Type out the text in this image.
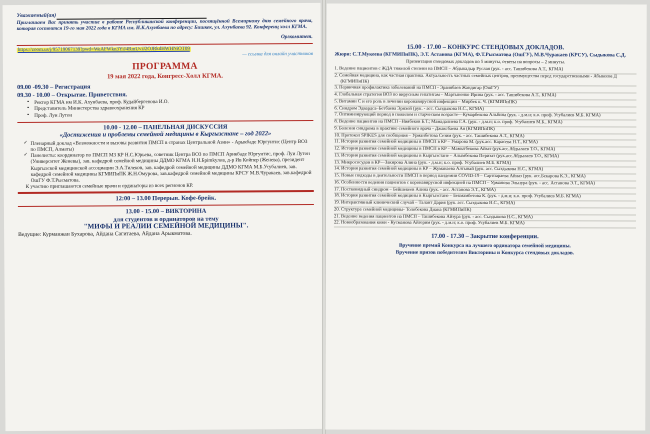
Уважаемый(ая)
Приглашаем Вас принять участие в работе Республиканской конференции, посвящённой Всемирному дню семейного врача, которая состоится 19-го мая 2022 года в КГМА им. И.К.Ахунбаева по адресу: Бишкек, ул. Ахунбаева 92. Конференц холл КГМА.
Оргкомитет.
https://zoom.us/j/95719067139?pwd=WeAFWkn3YiJ4RmUviJ2OJRkdHWHNiOT09
— ссылка для онлайн участников
ПРОГРАММА
19 мая 2022 года, Конгресс-Холл КГМА.
09.00 -09.30 – Регистрация
09.30 - 10.00 – Открытие. Приветствия.
▪ Ректор КГМА им И.К. Ахунбаева, проф. Кудайбергенова И.О.
▪ Представитель Министерства здравоохранения КР
▪ Проф. Луи Лутон
10.00 - 12.00 – ПАНЕЛЬНАЯ ДИСКУССИЯ
«Достижения и проблемы семейной медицины в Кыргызстане – год 2022»
✓ Пленарный доклад «Возможности и вызовы развития ПМСП в странах Центральной Азии» - Арыкбаде Юргунтис (Центр ВОЗ по ПМСП, Алматы)
✓ Панелисты: координатор по ПМСП МЗ КР Н.С.Юрьева, советник Центра ВОЗ по ПМСП Арикбаде Юргунтис, проф. Луи Лутон (Университет Женевы), зав. кафедрой семейной медицины ДДМО КГМА Н.Н.Брimkулов, д-р Ив Койпер (Женева), президент Кыргызской медицинской ассоциации Э.А.Тилеков, зав. кафедрой семейной медицины ДДМО КГМА М.Б.Усубалиев, зав. кафедрой семейной медицины КГМИПиПК Ж.Н.Омурова, зав.кафедрой семейной медицины КРСУ М.В.Чуракаев, зав.кафедрой ОшГУ Ф.Т.Рысматова.
К участию приглашаются семейные врачи и ординаторы из всех регионов КР.
12:00 – 13.00 Перерыв. Кофе-брейк.
13.00 - 15.00 – ВИКТОРИНА
для студентов и ординаторов на тему
"МИФЫ И РЕАЛИИ СЕМЕЙНОЙ МЕДИЦИНЫ".
Ведущие: Курманжан Бухарова, Айдана Сагитаева, Айдана Арыкматова.
15.00 - 17.00 – КОНКУРС СТЕНДОВЫХ ДОКЛАДОВ.
Жюри: С.Т.Мукеева (КГМИПиПК), Э.Т. Астанова (КГМА), Ф.Т.Рысматова (ОшГУ), М.В.Чуракаев (КРСУ), Сыдыкова С.Д.
Презентация стендовых докладов по 5 минуты, ответы на вопросы – 2 минуты.
1. Ведение пациентов с ЖДА тяжелой степени на ПМСП – Абдыкадыр Руслан (рук. - асс. Ташибекова А.Т., КГМА)
2. Семейная медицина, как частная практика. Актуальность частных семейных центров, преимущества перед государственными - Абыкеева Д (КГМИПиПК)
3. Первичная профилактика заболеваний на ПМСП - Эраиябаев Жандигар (ОшГУ)
4. Глобальная стратегия ВОЗ по вирусным гепатитам – Мартыненко Ирина (рук. - асс. Ташибекова А.Т., КГМА)
5. Витамин С и его роль в лечении коронавирусной инфекции – Мирбек к. Ч. (КГМИПиПК)
6. Синдром Эдвардса–Бетбаева Эрнхей (рук. - асс. Сыздыкова Н.С., КГМА)
7. Оптимизирующий период в пожилом и старческом возрасте—Кумарбекова Альбина (рук. - д.м.н; к.о. проф. Усубалиев М.Б. КГМА)
8. Ведение пациентов на ПМСП –Ниябеков Б.Т.; Мамадалиева Г.А. (рук. - д.м.н; к.о. проф. Усубалиев М.Б., КГМА)
9. Болезни синдрома в практике семейного врача - Джаксбаева Ая (КГМИПиПК)
10. Протокол SPIKES для сообщения – Урманбетова Сезим (рук. - асс. Ташибекова А.Т., КГМА)
11. История развития семейной медицины в ПМСП в КР – Умарова М. (рук.асс. Карасева Н.Т., КГМА)
12. История развития семейной медицины в ПМСП в КР – Мамытбекова Айзат (рук.асс.Абдылаев Т.О., КГМА)
13. История развития семейной медицины в Кыргызстане – Алымбекова Перизат (рук.асс.Абдылаев Т.О., КГМА)
13. Микрососудов в КР—Закирова Алина (рук. - д.м.н; к.о. проф. Усубалиев М.Б. КГМА)
14. История развития семейной медицины в КР – Жуманаева Алтынай (рук. асс. Сыздыкова Н.С., КГМА)
15. Новые подходы в деятельности ПМСП в период пандемии COVID-19 – Сартпараева Айназ (рук. асс.Бекарова К.Э., КГМА)
16. Особенности ведения пациентов с коронавирусной инфекцией на ПМСП – Урманова Эльнура (рук. - асс. Астанова Э.Т., КГМА)
17. Постковидный синдром – Бейшекеев Алина (рук. - асс. Астанова Э.Т., КГМА)
18. История развития семейной медицины в Кыргызстане – Бекмамбетова К. (рук. - д.м.н; к.о. проф. Усубалиев М.Б. КГМА)
19. Интерактивный клинический случай – Талант Дария (рук. асс. Сыздыкова Н.С., КГМА)
20. Структура семейной медицины- Толобекова Диана (КГМИПиПК)
21. Ведение ведения пациентов на ПМСП – Ташибекова Айзура (рук. - асс. Сыздыкова Н.С., КГМА)
22. Новообразования кожи - Кусманова Айгерим (рук. - д.м.н; к.о. проф. Усубалиев М.Б. КГМА)
17.00 - 17.30 – Закрытие конференции.
Вручение премий Конкурса на лучшего ординатора семейной медицины.
Вручение призов победителям Викторины и Конкурса стендовых докладов.
